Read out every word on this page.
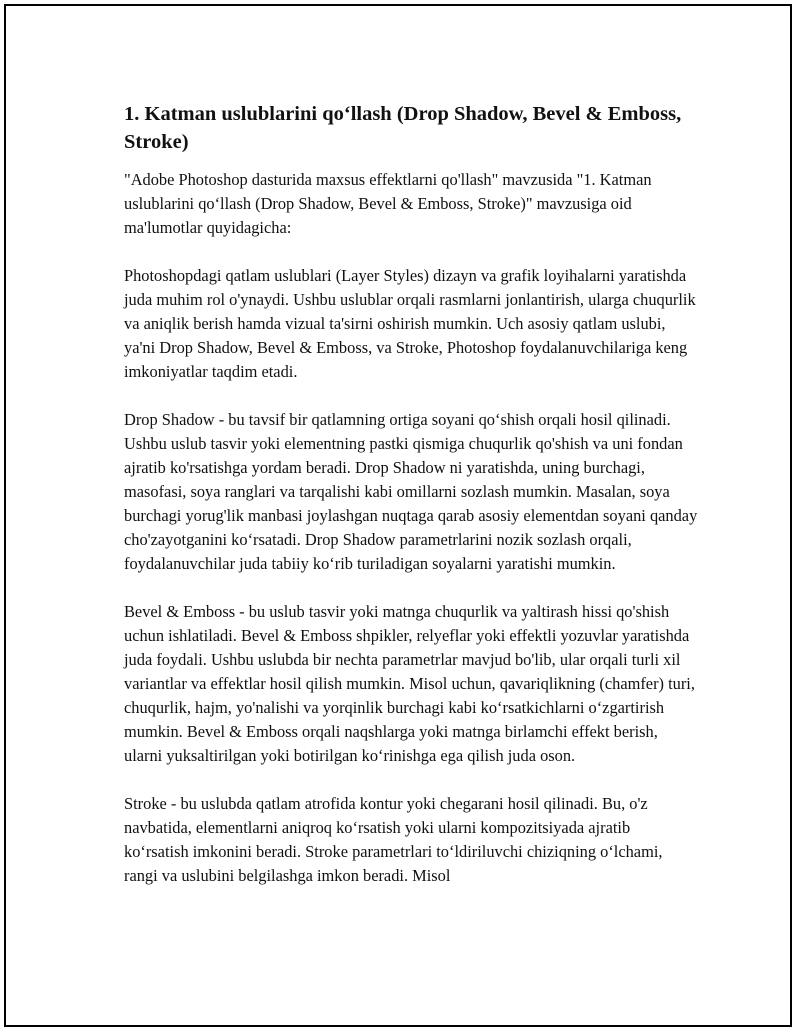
1. Katman uslublarini qo‘llash (Drop Shadow, Bevel & Emboss, Stroke)

"Adobe Photoshop dasturida maxsus effektlarni qo'llash" mavzusida "1. Katman uslublarini qo‘llash (Drop Shadow, Bevel & Emboss, Stroke)" mavzusiga oid ma'lumotlar quyidagicha:

Photoshopdagi qatlam uslublari (Layer Styles) dizayn va grafik loyihalarni yaratishda juda muhim rol o'ynaydi. Ushbu uslublar orqali rasmlarni jonlantirish, ularga chuqurlik va aniqlik berish hamda vizual ta'sirni oshirish mumkin. Uch asosiy qatlam uslubi, ya'ni Drop Shadow, Bevel & Emboss, va Stroke, Photoshop foydalanuvchilariga keng imkoniyatlar taqdim etadi.

Drop Shadow - bu tavsif bir qatlamning ortiga soyani qo‘shish orqali hosil qilinadi. Ushbu uslub tasvir yoki elementning pastki qismiga chuqurlik qo'shish va uni fondan ajratib ko'rsatishga yordam beradi. Drop Shadow ni yaratishda, uning burchagi, masofasi, soya ranglari va tarqalishi kabi omillarni sozlash mumkin. Masalan, soya burchagi yorug'lik manbasi joylashgan nuqtaga qarab asosiy elementdan soyani qanday cho'zayotganini ko‘rsatadi. Drop Shadow parametrlarini nozik sozlash orqali, foydalanuvchilar juda tabiiy ko‘rib turiladigan soyalarni yaratishi mumkin.

Bevel & Emboss - bu uslub tasvir yoki matnga chuqurlik va yaltirash hissi qo'shish uchun ishlatiladi. Bevel & Emboss shpikler, relyeflar yoki effektli yozuvlar yaratishda juda foydali. Ushbu uslubda bir nechta parametrlar mavjud bo'lib, ular orqali turli xil variantlar va effektlar hosil qilish mumkin. Misol uchun, qavariqlikning (chamfer) turi, chuqurlik, hajm, yo'nalishi va yorqinlik burchagi kabi ko‘rsatkichlarni o‘zgartirish mumkin. Bevel & Emboss orqali naqshlarga yoki matnga birlamchi effekt berish, ularni yuksaltirilgan yoki botirilgan ko‘rinishga ega qilish juda oson.

Stroke - bu uslubda qatlam atrofida kontur yoki chegarani hosil qilinadi. Bu, o'z navbatida, elementlarni aniqroq ko‘rsatish yoki ularni kompozitsiyada ajratib ko‘rsatish imkonini beradi. Stroke parametrlari to‘ldiriluvchi chiziqning o‘lchami, rangi va uslubini belgilashga imkon beradi. Misol
